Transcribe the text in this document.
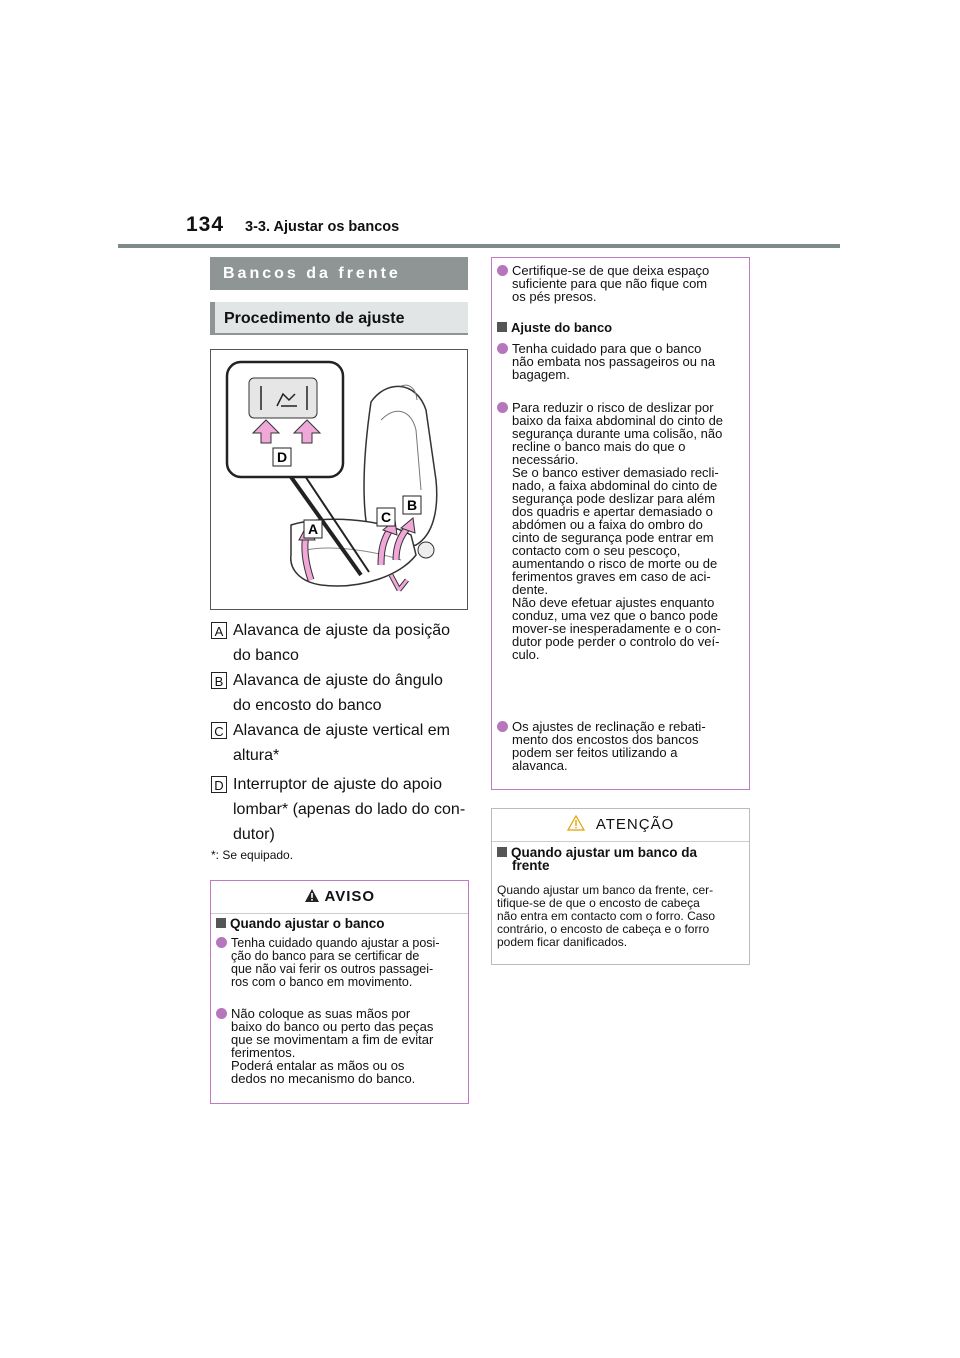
134 3-3. Ajustar os bancos
Bancos da frente
Procedimento de ajuste
D
A
C
B
A Alavanca de ajuste da posição
do banco
B Alavanca de ajuste do ângulo
do encosto do banco
C Alavanca de ajuste vertical em
altura*
D Interruptor de ajuste do apoio
lombar* (apenas do lado do con-
dutor)
*: Se equipado.
AVISO
Quando ajustar o banco
Tenha cuidado quando ajustar a posi-
ção do banco para se certificar de
que não vai ferir os outros passagei-
ros com o banco em movimento.
Não coloque as suas mãos por
baixo do banco ou perto das peças
que se movimentam a fim de evitar
ferimentos.
Poderá entalar as mãos ou os
dedos no mecanismo do banco.
Certifique-se de que deixa espaço
suficiente para que não fique com
os pés presos.
Ajuste do banco
Tenha cuidado para que o banco
não embata nos passageiros ou na
bagagem.
Para reduzir o risco de deslizar por
baixo da faixa abdominal do cinto de
segurança durante uma colisão, não
recline o banco mais do que o
necessário.
Se o banco estiver demasiado recli-
nado, a faixa abdominal do cinto de
segurança pode deslizar para além
dos quadris e apertar demasiado o
abdómen ou a faixa do ombro do
cinto de segurança pode entrar em
contacto com o seu pescoço,
aumentando o risco de morte ou de
ferimentos graves em caso de aci-
dente.
Não deve efetuar ajustes enquanto
conduz, uma vez que o banco pode
mover-se inesperadamente e o con-
dutor pode perder o controlo do veí-
culo.
Os ajustes de reclinação e rebati-
mento dos encostos dos bancos
podem ser feitos utilizando a
alavanca.
ATENÇÃO
Quando ajustar um banco da
frente
Quando ajustar um banco da frente, cer-
tifique-se de que o encosto de cabeça
não entra em contacto com o forro. Caso
contrário, o encosto de cabeça e o forro
podem ficar danificados.
